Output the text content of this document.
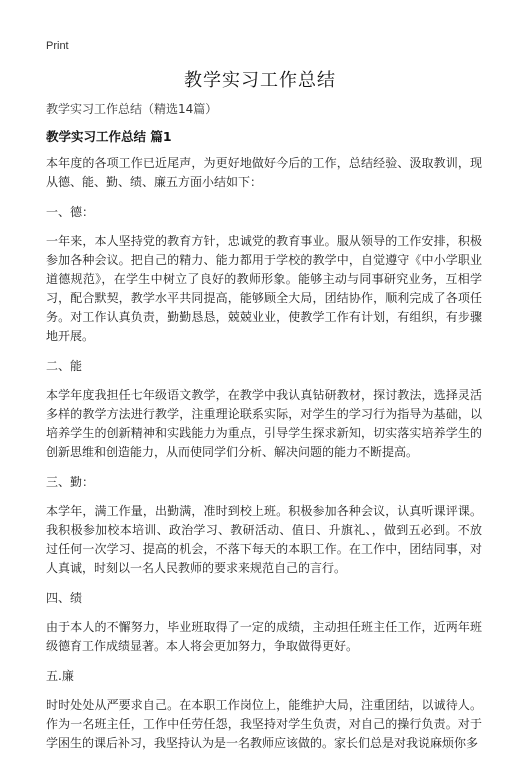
Print
教学实习工作总结

教学实习工作总结（精选14篇）

教学实习工作总结 篇1

本年度的各项工作已近尾声，为更好地做好今后的工作，总结经验、汲取教训，现从德、能、勤、绩、廉五方面小结如下：

一、德：

一年来，本人坚持党的教育方针，忠诚党的教育事业。服从领导的工作安排，积极参加各种会议。把自己的精力、能力都用于学校的教学中，自觉遵守《中小学职业道德规范》，在学生中树立了良好的教师形象。能够主动与同事研究业务，互相学习，配合默契，教学水平共同提高，能够顾全大局，团结协作，顺利完成了各项任务。对工作认真负责，勤勤恳恳，兢兢业业，使教学工作有计划，有组织，有步骤地开展。

二、能

本学年度我担任七年级语文教学，在教学中我认真钻研教材，探讨教法，选择灵活多样的教学方法进行教学，注重理论联系实际，对学生的学习行为指导为基础，以培养学生的创新精神和实践能力为重点，引导学生探求新知，切实落实培养学生的创新思维和创造能力，从而使同学们分析、解决问题的能力不断提高。

三、勤：

本学年，满工作量，出勤满，准时到校上班。积极参加各种会议，认真听课评课。我积极参加校本培训、政治学习、教研活动、值日、升旗礼、，做到五必到。不放过任何一次学习、提高的机会，不落下每天的本职工作。在工作中，团结同事，对人真诚，时刻以一名人民教师的要求来规范自己的言行。

四、绩

由于本人的不懈努力，毕业班取得了一定的成绩，主动担任班主任工作，近两年班级德育工作成绩显著。本人将会更加努力，争取做得更好。

五.廉

时时处处从严要求自己。在本职工作岗位上，能维护大局，注重团结，以诚待人。作为一名班主任，工作中任劳任怨，我坚持对学生负责，对自己的操行负责。对于学困生的课后补习，我坚持认为是一名教师应该做的。家长们总是对我说麻烦你多
